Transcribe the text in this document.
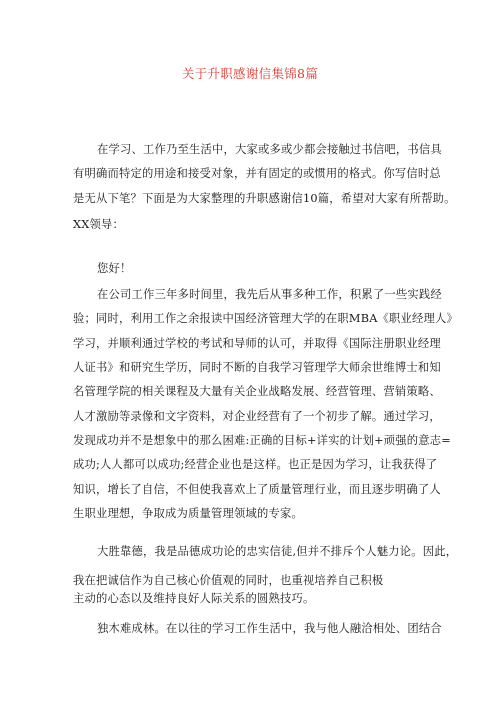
关于升职感谢信集锦8篇
在学习、工作乃至生活中，大家或多或少都会接触过书信吧，书信具
有明确而特定的用途和接受对象，并有固定的或惯用的格式。你写信时总
是无从下笔？下面是为大家整理的升职感谢信10篇，希望对大家有所帮助。
XX领导：
您好！
在公司工作三年多时间里，我先后从事多种工作，积累了一些实践经
验；同时，利用工作之余报读中国经济管理大学的在职MBA《职业经理人》
学习，并顺利通过学校的考试和导师的认可，并取得《国际注册职业经理
人证书》和研究生学历，同时不断的自我学习管理学大师余世维博士和知
名管理学院的相关课程及大量有关企业战略发展、经营管理、营销策略、
人才激励等录像和文字资料，对企业经营有了一个初步了解。通过学习，
发现成功并不是想象中的那么困难:正确的目标+详实的计划+顽强的意志=
成功;人人都可以成功;经营企业也是这样。也正是因为学习，让我获得了
知识，增长了自信，不但使我喜欢上了质量管理行业，而且逐步明确了人
生职业理想，争取成为质量管理领域的专家。
大胜靠德，我是品德成功论的忠实信徒,但并不排斥个人魅力论。因此，
我在把诚信作为自己核心价值观的同时，也重视培养自己积极
主动的心态以及维持良好人际关系的圆熟技巧。
独木难成林。在以往的学习工作生活中，我与他人融洽相处、团结合
